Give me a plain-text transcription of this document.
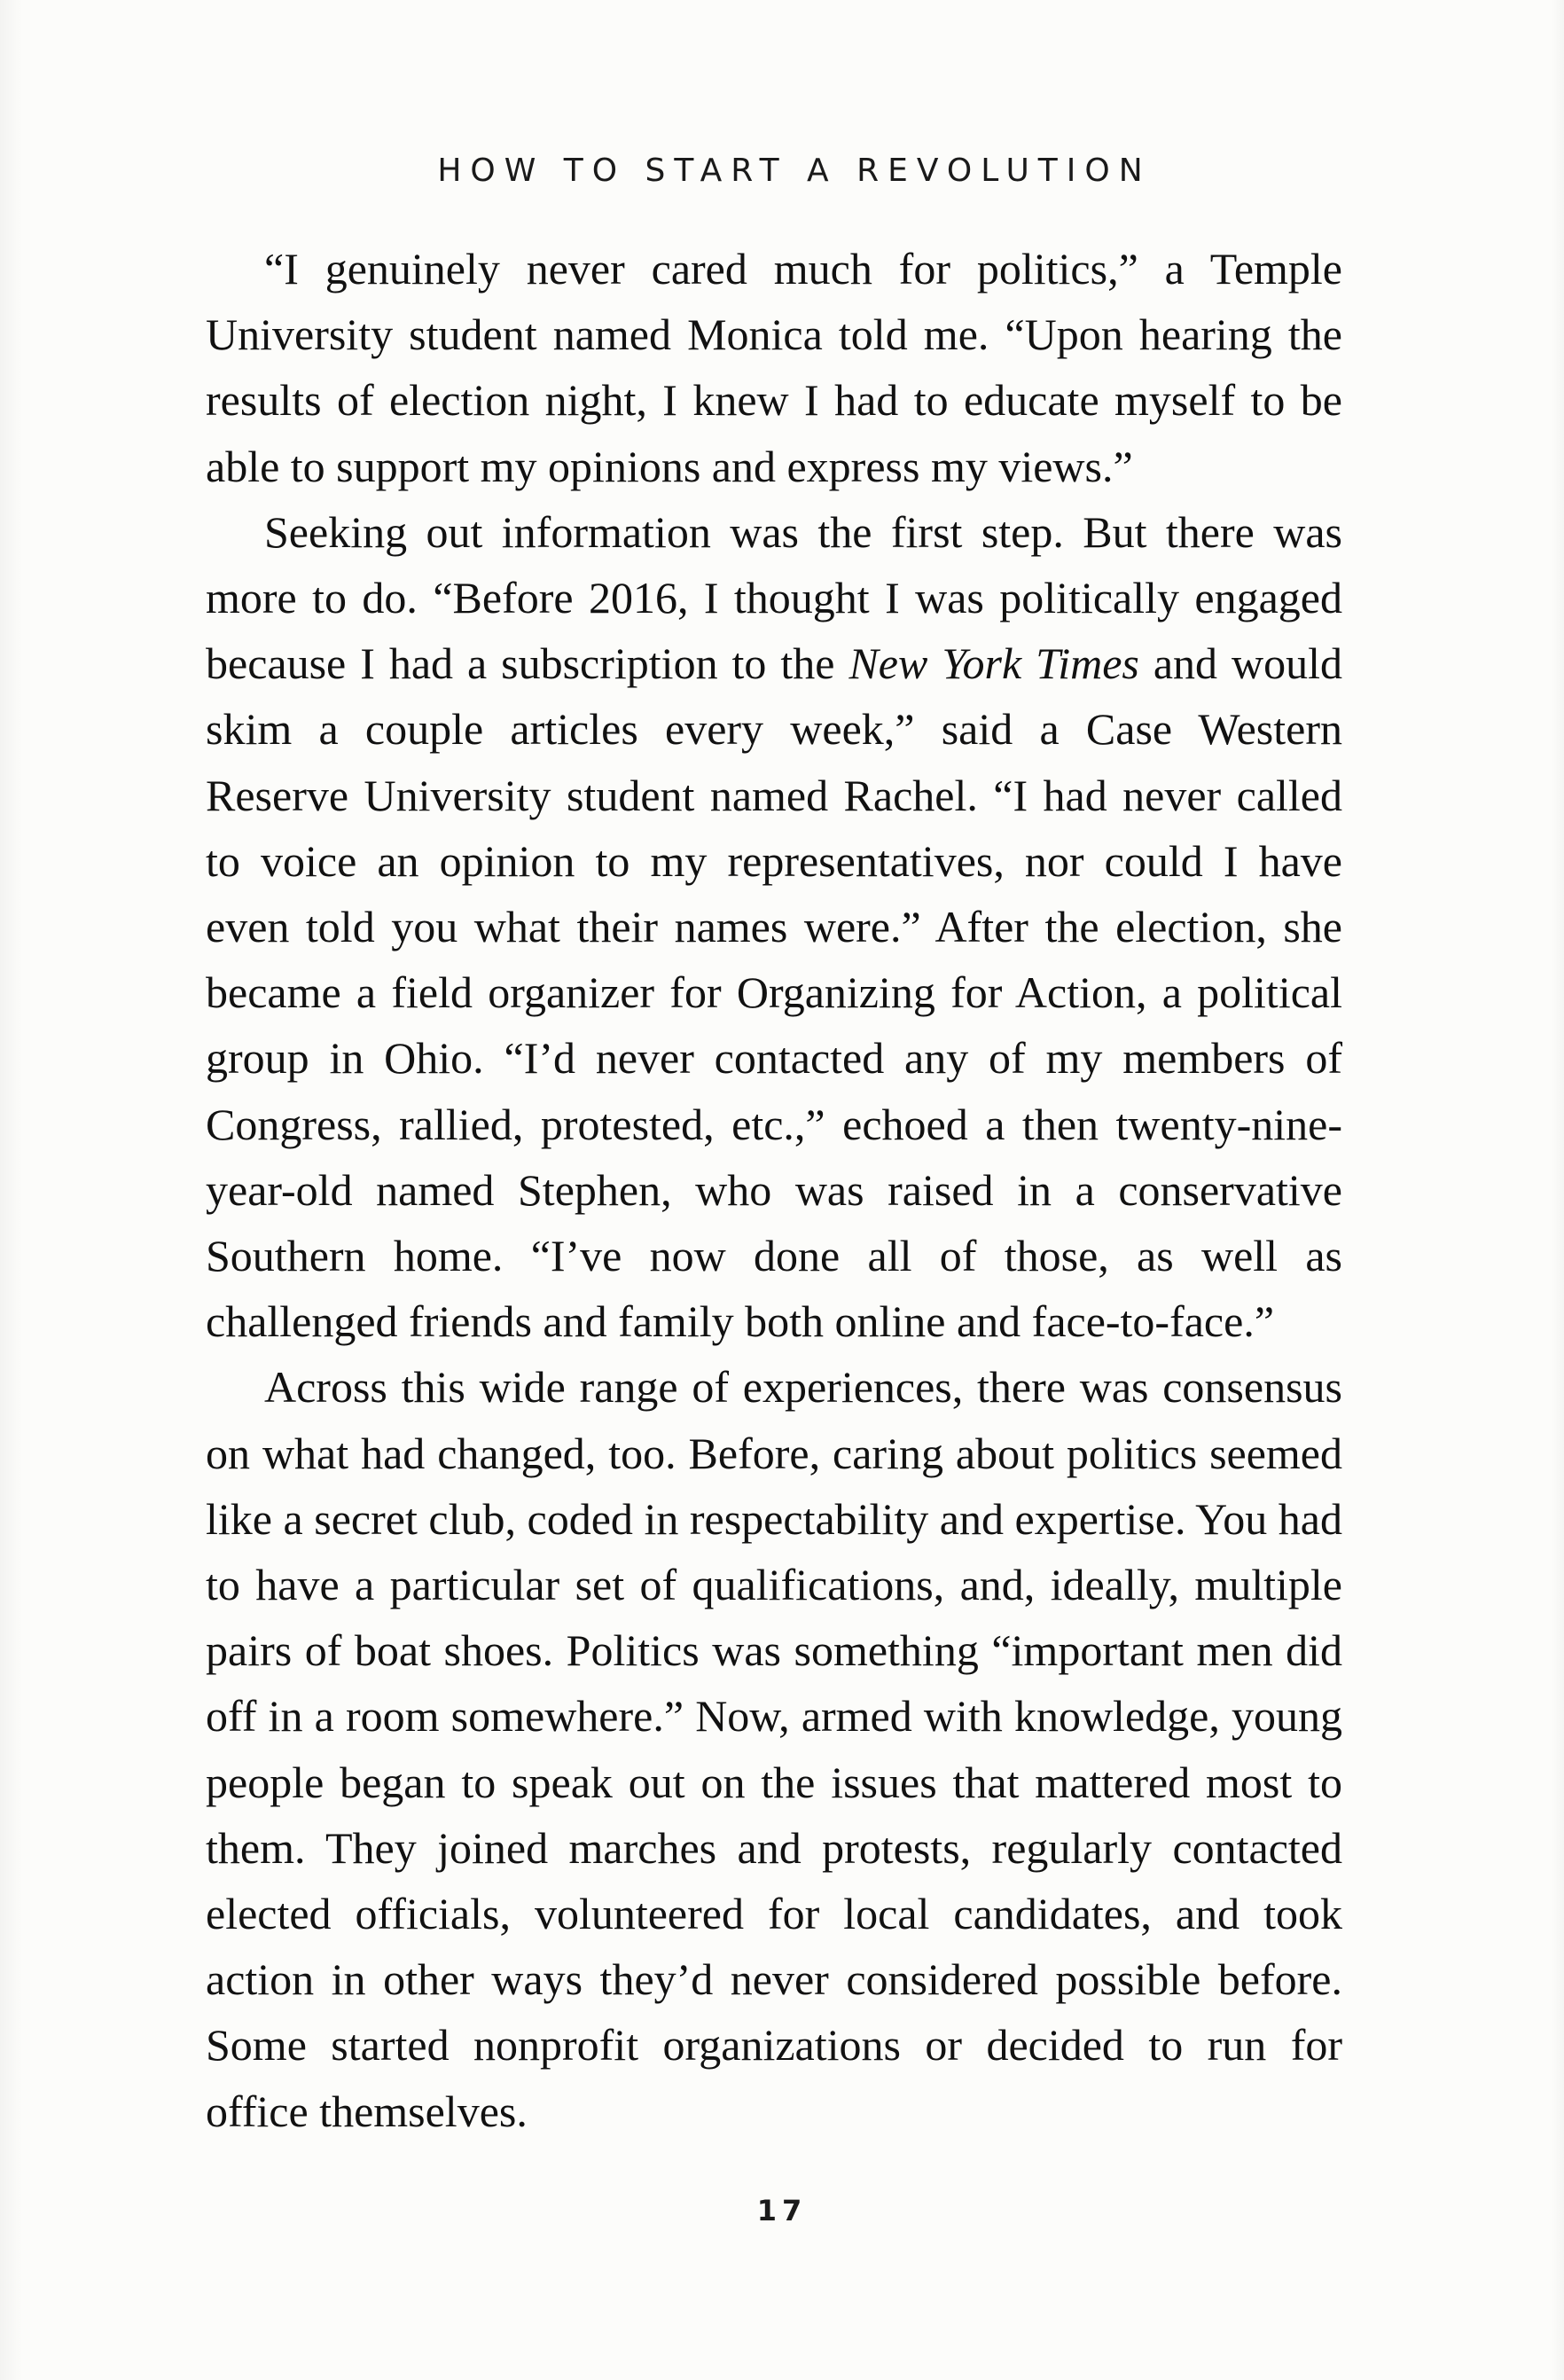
HOW TO START A REVOLUTION

“I genuinely never cared much for politics,” a Temple University student named Monica told me. “Upon hearing the results of election night, I knew I had to educate myself to be able to support my opinions and express my views.”

Seeking out information was the first step. But there was more to do. “Before 2016, I thought I was politically engaged because I had a subscription to the New York Times and would skim a couple articles every week,” said a Case Western Reserve University student named Rachel. “I had never called to voice an opinion to my representatives, nor could I have even told you what their names were.” After the election, she became a field organizer for Organizing for Action, a political group in Ohio. “I’d never contacted any of my members of Congress, rallied, protested, etc.,” echoed a then twenty-nine-year-old named Stephen, who was raised in a conservative Southern home. “I’ve now done all of those, as well as challenged friends and family both online and face-to-face.”

Across this wide range of experiences, there was consensus on what had changed, too. Before, caring about politics seemed like a secret club, coded in respectability and expertise. You had to have a particular set of qualifications, and, ideally, multiple pairs of boat shoes. Politics was something “important men did off in a room somewhere.” Now, armed with knowledge, young people began to speak out on the issues that mattered most to them. They joined marches and protests, regularly contacted elected officials, volunteered for local candidates, and took action in other ways they’d never considered possible before. Some started nonprofit organizations or decided to run for office themselves.

17
